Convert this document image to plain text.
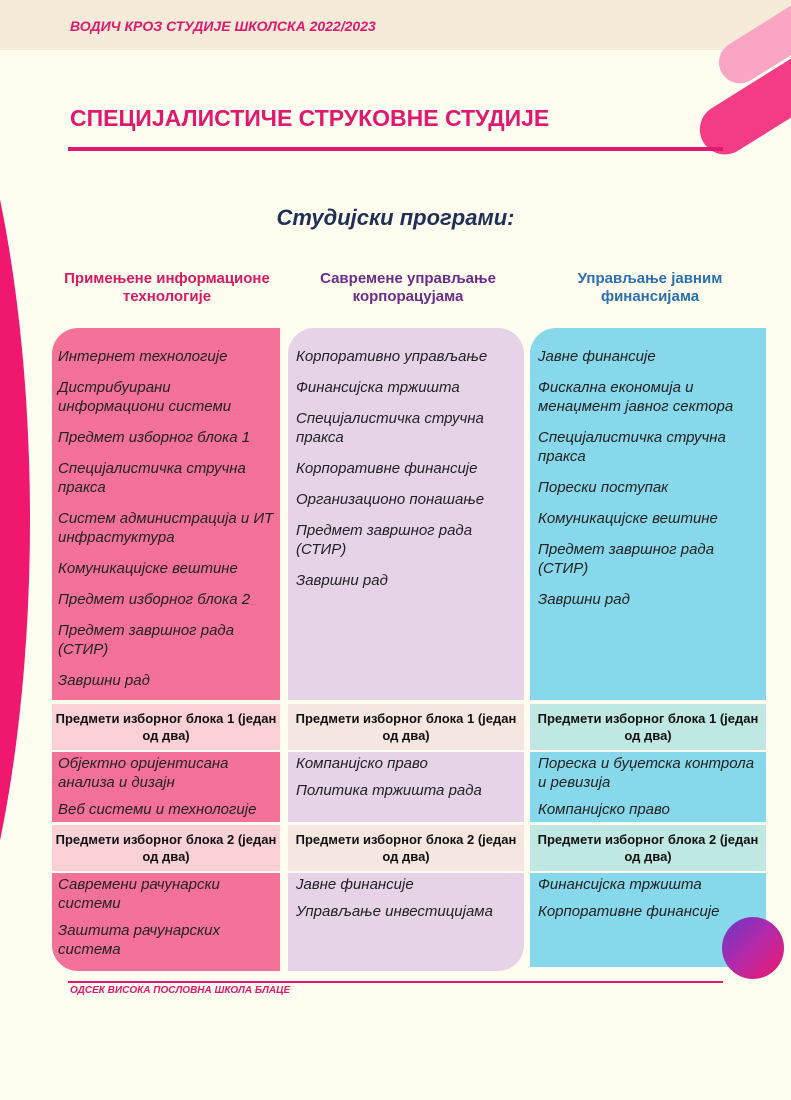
ВОДИЧ КРОЗ СТУДИЈЕ ШКОЛСКА 2022/2023
СПЕЦИЈАЛИСТИЧЕ СТРУКОВНЕ СТУДИЈЕ
Студијски програми:
Примењене информационе технологије
Савремене управљање корпорацујама
Управљање јавним финансијама
Интернет технологије
Дистрибуирани информациони системи
Предмет изборног блока 1
Специјалистичка стручна пракса
Систем администрација и ИТ инфрастуктура
Комуникацијске вештине
Предмет изборног блока 2
Предмет завршног рада (СТИР)
Завршни рад
Корпоративно управљање
Финансијска тржишта
Специјалистичка стручна пракса
Корпоративне финансије
Организационо понашање
Предмет завршног рада (СТИР)
Завршни рад
Јавне финансије
Фискална економија и менаџмент јавног сектора
Специјалистичка стручна пракса
Порески поступак
Комуникацијске вештине
Предмет завршног рада (СТИР)
Завршни рад
Предмети изборног блока 1 (један од два)
Предмети изборног блока 1 (један од два)
Предмети изборног блока 1 (један од два)
Објектно оријентисана анализа и дизајн
Веб системи и технологије
Компанијско право
Политика тржишта рада
Пореска и буџетска контрола и ревизија
Компанијско право
Предмети изборног блока 2 (један од два)
Предмети изборног блока 2 (један од два)
Предмети изборног блока 2 (један од два)
Савремени рачунарски системи
Заштита рачунарских система
Јавне финансије
Управљање инвестицијама
Финансијска тржишта
Корпоративне финансије
ОДСЕК ВИСОКА ПОСЛОВНА ШКОЛА БЛАЦЕ
